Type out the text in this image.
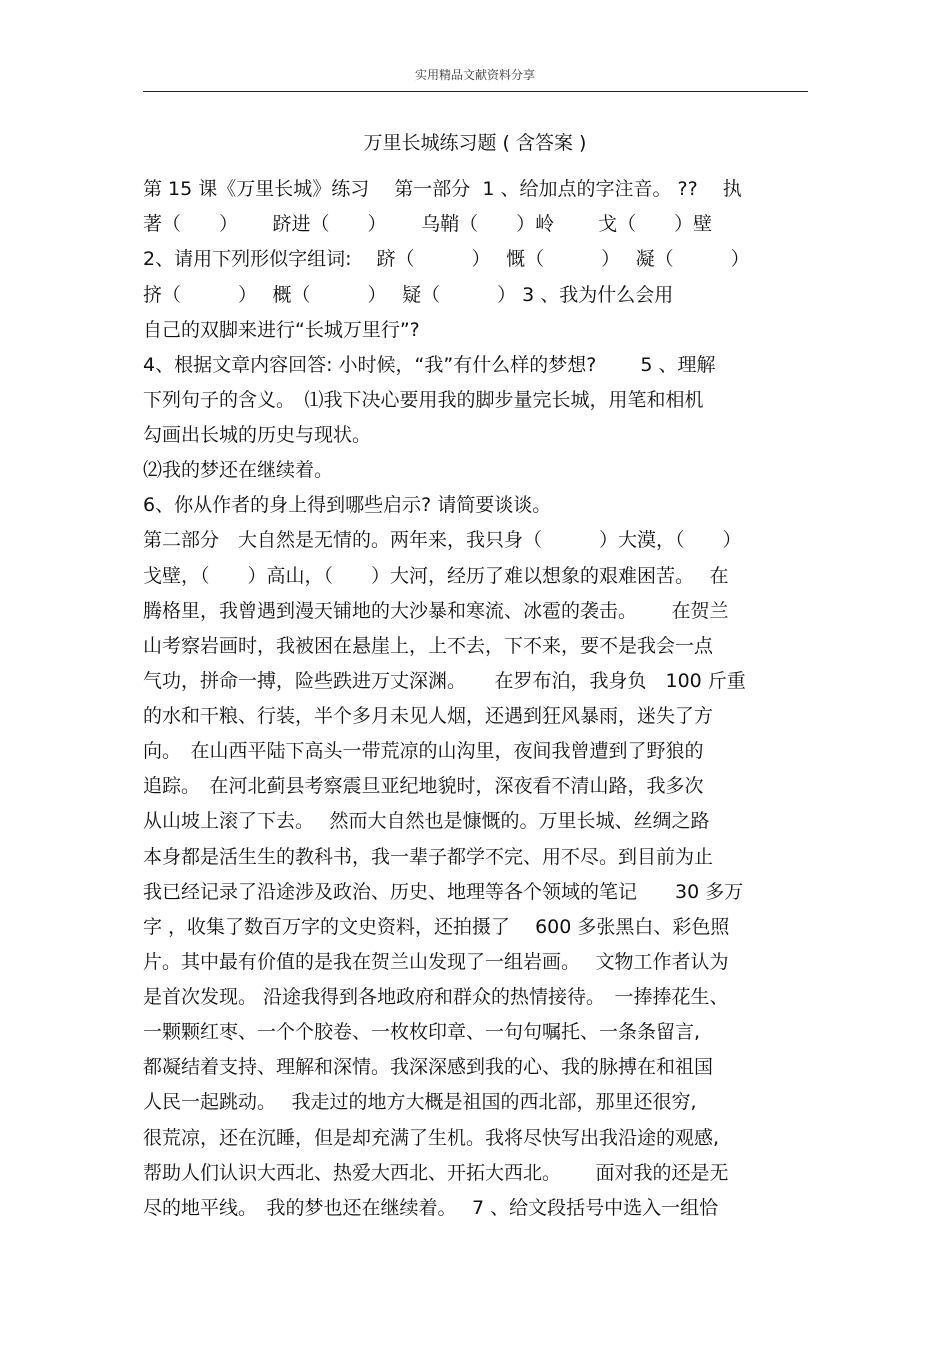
实用精品文献资料分享
万里长城练习题 ( 含答案 )
第 15 课《万里长城》练习　 第一部分  1 、给加点的字注音。 ??　 执
著（　　）　　 跻进（　　）　　 乌鞘（　　）岭　　 戈（　　）壁
2、请用下列形似字组词:　 跻（　　　）　 慨（　　　）　 凝（　　　）
挤（　　　）　 概（　　　）　 疑（　　　） 3 、我为什么会用
自己的双脚来进行“长城万里行”?
4、根据文章内容回答: 小时候，“我”有什么样的梦想?　　 5 、理解
下列句子的含义。　⑴我下决心要用我的脚步量完长城，用笔和相机
勾画出长城的历史与现状。
⑵我的梦还在继续着。
6、你从作者的身上得到哪些启示? 请简要谈谈。
第二部分　大自然是无情的。两年来，我只身（　　　）大漠，（　　）
戈壁，（　　）高山，（　　）大河，经历了难以想象的艰难困苦。　 在
腾格里，我曾遇到漫天铺地的大沙暴和寒流、冰雹的袭击。　　 在贺兰
山考察岩画时，我被困在悬崖上，上不去，下不来，要不是我会一点
气功，拼命一搏，险些跌进万丈深渊。　　在罗布泊，我身负　100 斤重
的水和干粮、行装，半个多月未见人烟，还遇到狂风暴雨，迷失了方
向。　在山西平陆下高头一带荒凉的山沟里，夜间我曾遭到了野狼的
追踪。　在河北蓟县考察震旦亚纪地貌时，深夜看不清山路，我多次
从山坡上滚了下去。　 然而大自然也是慷慨的。万里长城、丝绸之路
本身都是活生生的教科书，我一辈子都学不完、用不尽。到目前为止
我已经记录了沿途涉及政治、历史、地理等各个领域的笔记　　30 多万
字 ，收集了数百万字的文史资料，还拍摄了　 600 多张黑白、彩色照
片。其中最有价值的是我在贺兰山发现了一组岩画。　 文物工作者认为
是首次发现。 沿途我得到各地政府和群众的热情接待。　一捧捧花生、
一颗颗红枣、一个个胶卷、一枚枚印章、一句句嘱托、一条条留言,
都凝结着支持、理解和深情。我深深感到我的心、我的脉搏在和祖国
人民一起跳动。　 我走过的地方大概是祖国的西北部，那里还很穷,
很荒凉，还在沉睡，但是却充满了生机。我将尽快写出我沿途的观感,
帮助人们认识大西北、热爱大西北、开拓大西北。　　 面对我的还是无
尽的地平线。　我的梦也还在继续着。　 7 、给文段括号中选入一组恰
